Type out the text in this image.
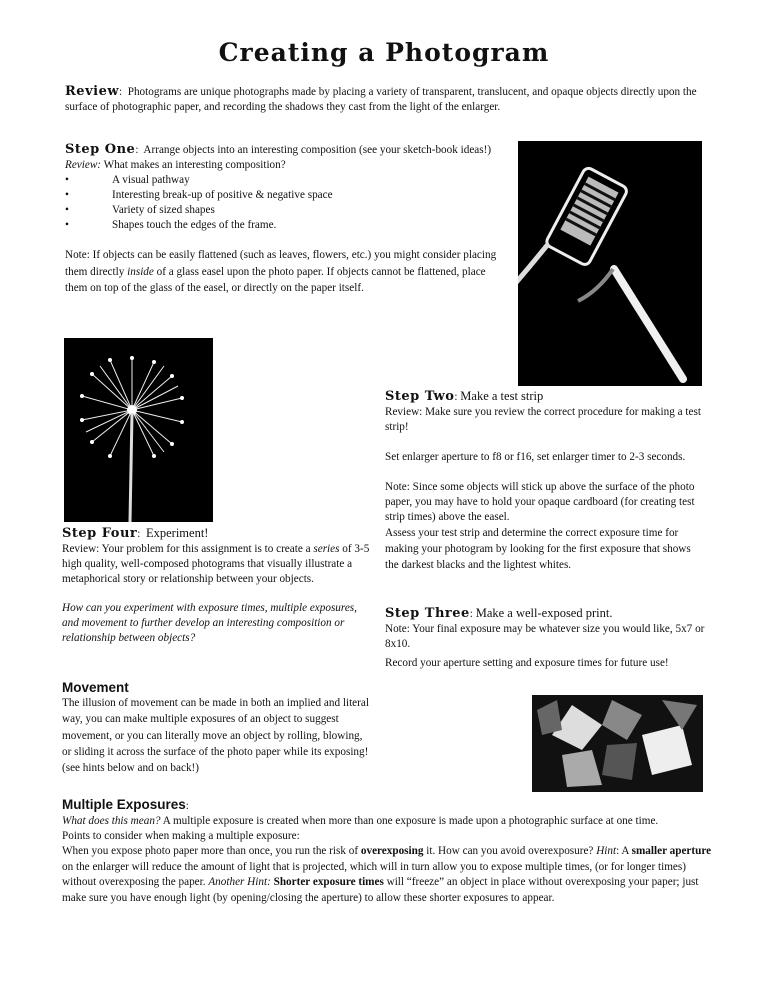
Creating a Photogram
Review:  Photograms are unique photographs made by placing a variety of transparent, translucent, and opaque objects directly upon the surface of photographic paper, and recording the shadows they cast from the light of the enlarger.

Step One:  Arrange objects into an interesting composition (see your sketch-book ideas!)

Review: What makes an interesting composition?

• A visual pathway
• Interesting break-up of positive & negative space
• Variety of sized shapes
• Shapes touch the edges of the frame.

Note: If objects can be easily flattened (such as leaves, flowers, etc.) you might consider placing them directly inside of a glass easel upon the photo paper. If objects cannot be flattened, place them on top of the glass of the easel, or directly on the paper itself.

Step Two: Make a test strip

Review: Make sure you review the correct procedure for making a test strip!

Set enlarger aperture to f8 or f16, set enlarger timer to 2-3 seconds.

Note: Since some objects will stick up above the surface of the photo paper, you may have to hold your opaque cardboard (for creating test strip times) above the easel.

Assess your test strip and determine the correct exposure time for making your photogram by looking for the first exposure that shows the darkest blacks and the lightest whites.

Step Three: Make a well-exposed print.

Note: Your final exposure may be whatever size you would like, 5x7 or 8x10.

Record your aperture setting and exposure times for future use!

Step Four:  Experiment!

Review: Your problem for this assignment is to create a series of 3-5 high quality, well-composed photograms that visually illustrate a metaphorical story or relationship between your objects.

How can you experiment with exposure times, multiple exposures, and movement to further develop an interesting composition or relationship between objects?

Movement

The illusion of movement can be made in both an implied and literal way, you can make multiple exposures of an object to suggest movement, or you can literally move an object by rolling, blowing, or sliding it across the surface of the photo paper while its exposing! (see hints below and on back!)

Multiple Exposures:

What does this mean? A multiple exposure is created when more than one exposure is made upon a photographic surface at one time.

Points to consider when making a multiple exposure:

When you expose photo paper more than once, you run the risk of overexposing it. How can you avoid overexposure? Hint: A smaller aperture on the enlarger will reduce the amount of light that is projected, which will in turn allow you to expose multiple times, (or for longer times) without overexposing the paper. Another Hint: Shorter exposure times will “freeze” an object in place without overexposing your paper; just make sure you have enough light (by opening/closing the aperture) to allow these shorter exposures to appear.
